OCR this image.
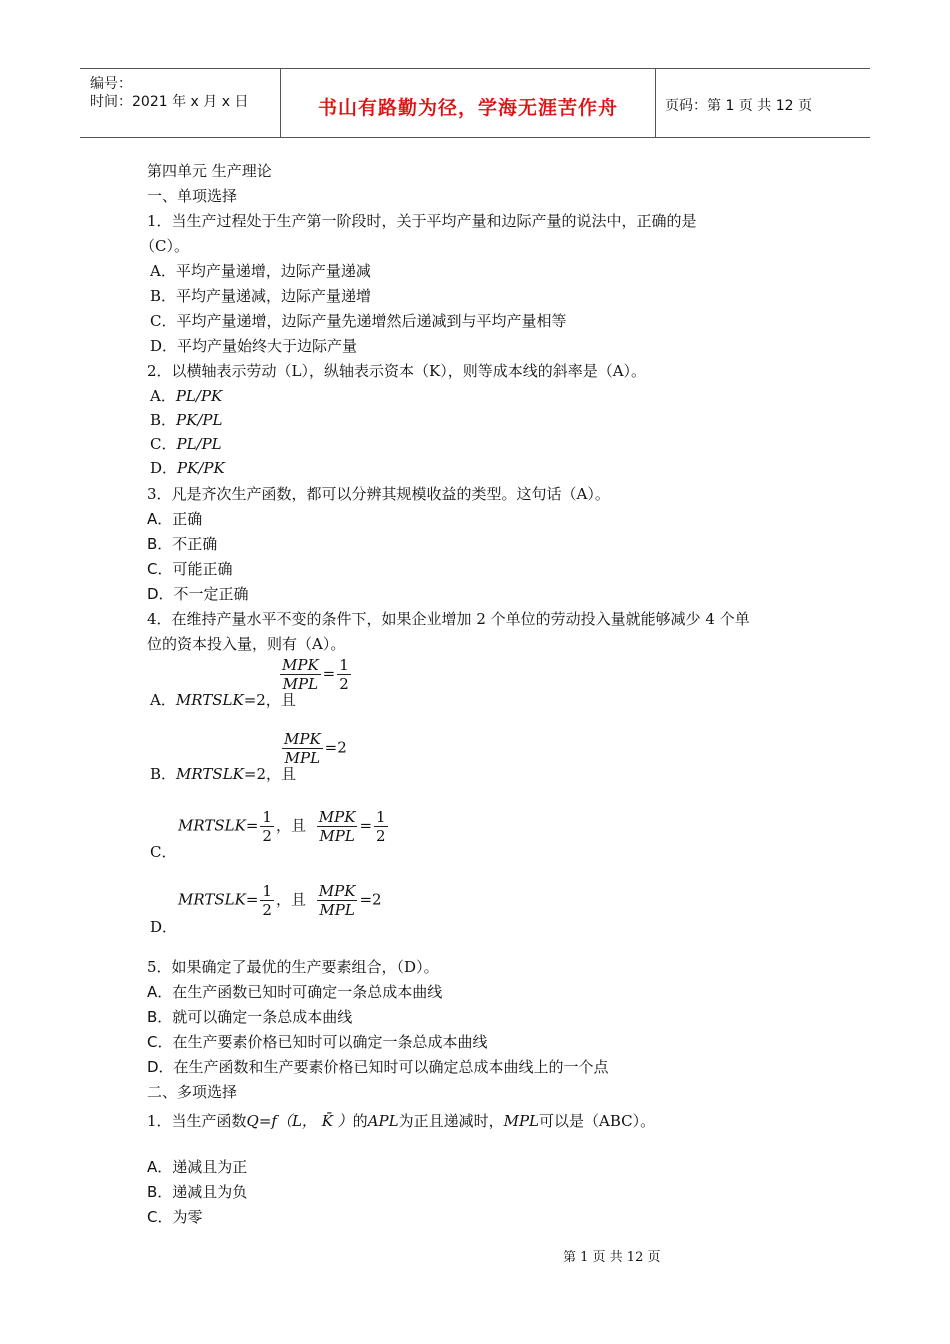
编号：
时间：2021 年 x 月 x 日	书山有路勤为径，学海无涯苦作舟	页码：第 1 页 共 12 页
第四单元 生产理论
一、单项选择
1．当生产过程处于生产第一阶段时，关于平均产量和边际产量的说法中，正确的是
（C）。
A．平均产量递增，边际产量递减
B．平均产量递减，边际产量递增
C．平均产量递增，边际产量先递增然后递减到与平均产量相等
D．平均产量始终大于边际产量
2．以横轴表示劳动（L），纵轴表示资本（K），则等成本线的斜率是（A）。
A．PL/PK
B．PK/PL
C．PL/PL
D．PK/PK
3．凡是齐次生产函数，都可以分辨其规模收益的类型。这句话（A）。
A．正确
B．不正确
C．可能正确
D．不一定正确
4．在维持产量水平不变的条件下，如果企业增加 2 个单位的劳动投入量就能够减少 4 个单
位的资本投入量，则有（A）。
A．MRTSLK=2，且
MPK
MPL
= $\frac{1}{2}$
B．MRTSLK=2，且
MPK
MPL
=2
C．
MRTSLK= $\frac{1}{2}$ ，且 MPK
MPL
= $\frac{1}{2}$
D．
MRTSLK= $\frac{1}{2}$ ，且 MPK
MPL
=2
5．如果确定了最优的生产要素组合，（D）。
A．在生产函数已知时可确定一条总成本曲线
B．就可以确定一条总成本曲线
C．在生产要素价格已知时可以确定一条总成本曲线
D．在生产函数和生产要素价格已知时可以确定总成本曲线上的一个点
二、多项选择
1．当生产函数Q=f（L， K̄ ）的APL为正且递减时，MPL可以是（ABC）。
A．递减且为正
B．递减且为负
C．为零
第 1 页 共 12 页
